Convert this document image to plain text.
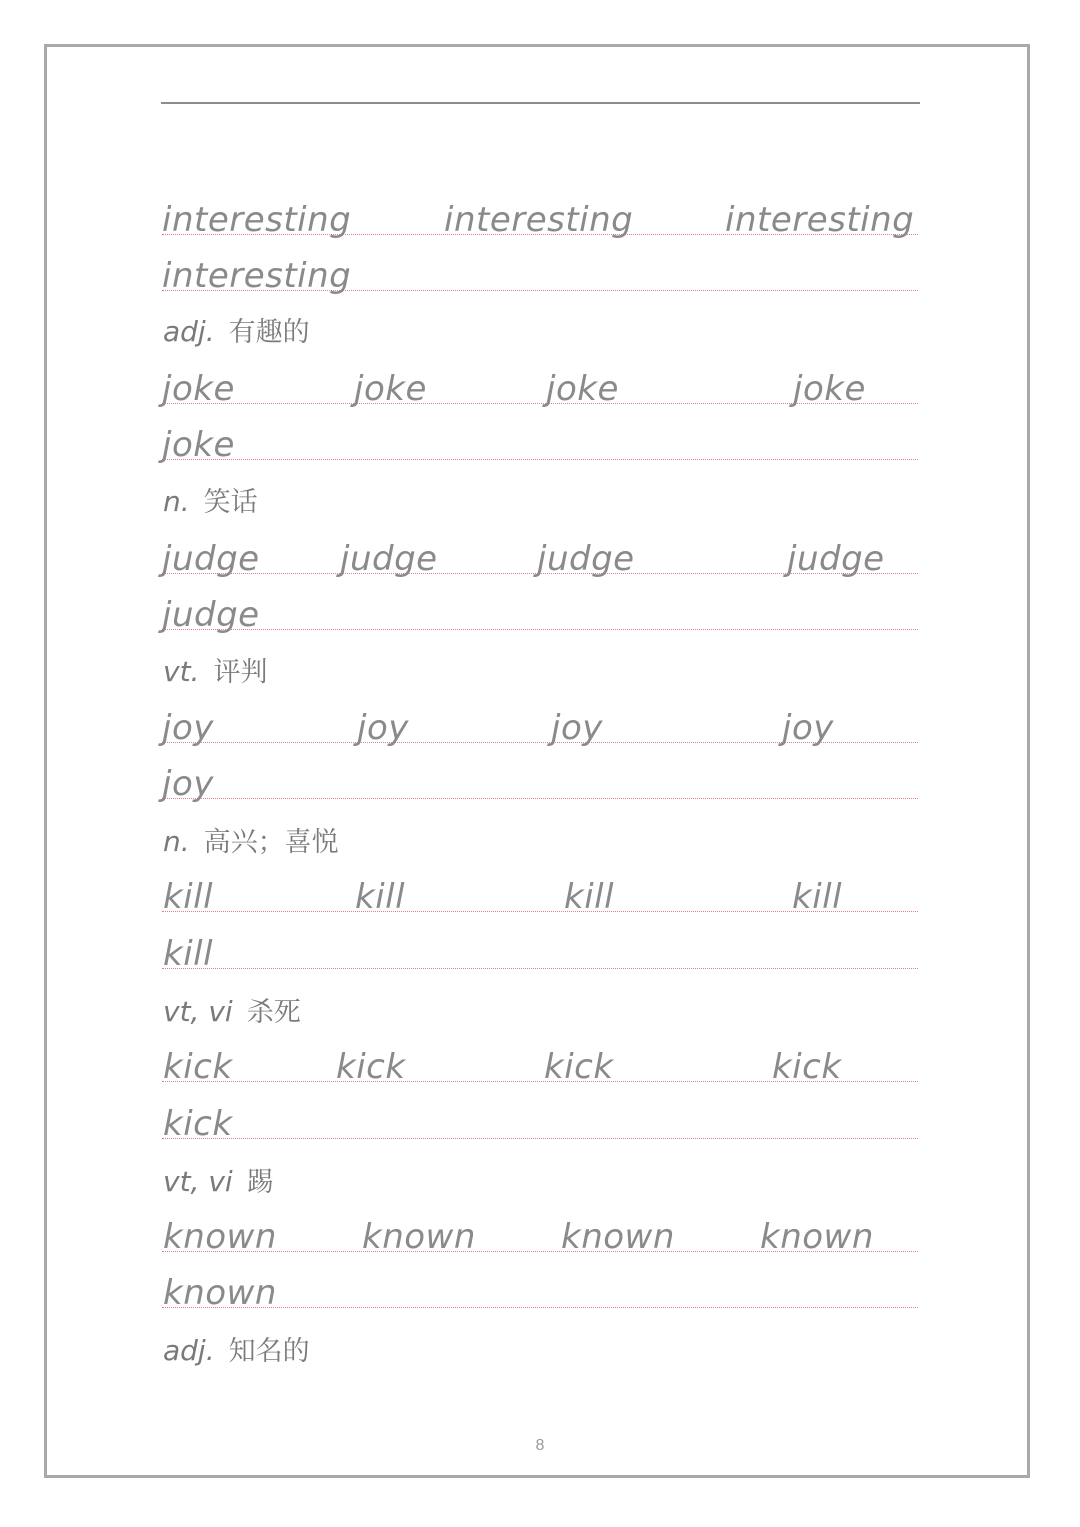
interesting	interesting	interesting
interesting
adj. 有趣的
joke	joke	joke	joke
joke
n. 笑话
judge judge	judge	judge
judge
vt. 评判
joy	joy	joy	joy
joy
n. 高兴；喜悦
kill	kill	kill	kill
kill
vt, vi 杀死
kick	kick	kick	kick
kick
vt, vi 踢
known	known	known	known
known
adj. 知名的
8
